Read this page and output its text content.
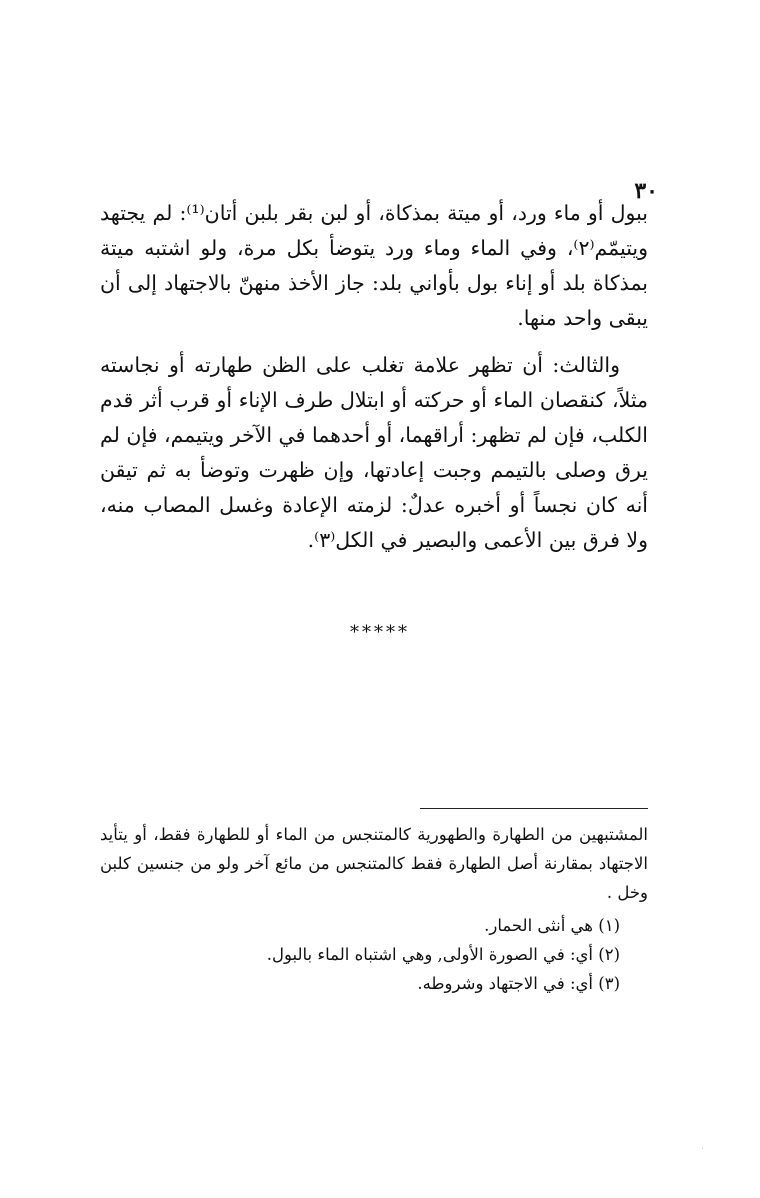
٣٠

ببول أو ماء ورد، أو ميتة بمذكاة، أو لبن بقر بلبن أتان⁽¹⁾: لم يجتهد ويتيمّم⁽٢⁾، وفي الماء وماء ورد يتوضأ بكل مرة، ولو اشتبه ميتة بمذكاة بلد أو إناء بول بأواني بلد: جاز الأخذ منهنّ بالاجتهاد إلى أن يبقى واحد منها.

والثالث: أن تظهر علامة تغلب على الظن طهارته أو نجاسته مثلاً، كنقصان الماء أو حركته أو ابتلال طرف الإناء أو قرب أثر قدم الكلب، فإن لم تظهر: أراقهما، أو أحدهما في الآخر ويتيمم، فإن لم يرق وصلى بالتيمم وجبت إعادتها، وإن ظهرت وتوضأ به ثم تيقن أنه كان نجساً أو أخبره عدلٌ: لزمته الإعادة وغسل المصاب منه، ولا فرق بين الأعمى والبصير في الكل⁽٣⁾.

*****

المشتبهين من الطهارة والطهورية كالمتنجس من الماء أو للطهارة فقط، أو يتأيد الاجتهاد بمقارنة أصل الطهارة فقط كالمتنجس من مائع آخر ولو من جنسين كلبن وخل .

(١) هي أنثى الحمار.

(٢) أي: في الصورة الأولى, وهي اشتباه الماء بالبول.

(٣) أي: في الاجتهاد وشروطه.
